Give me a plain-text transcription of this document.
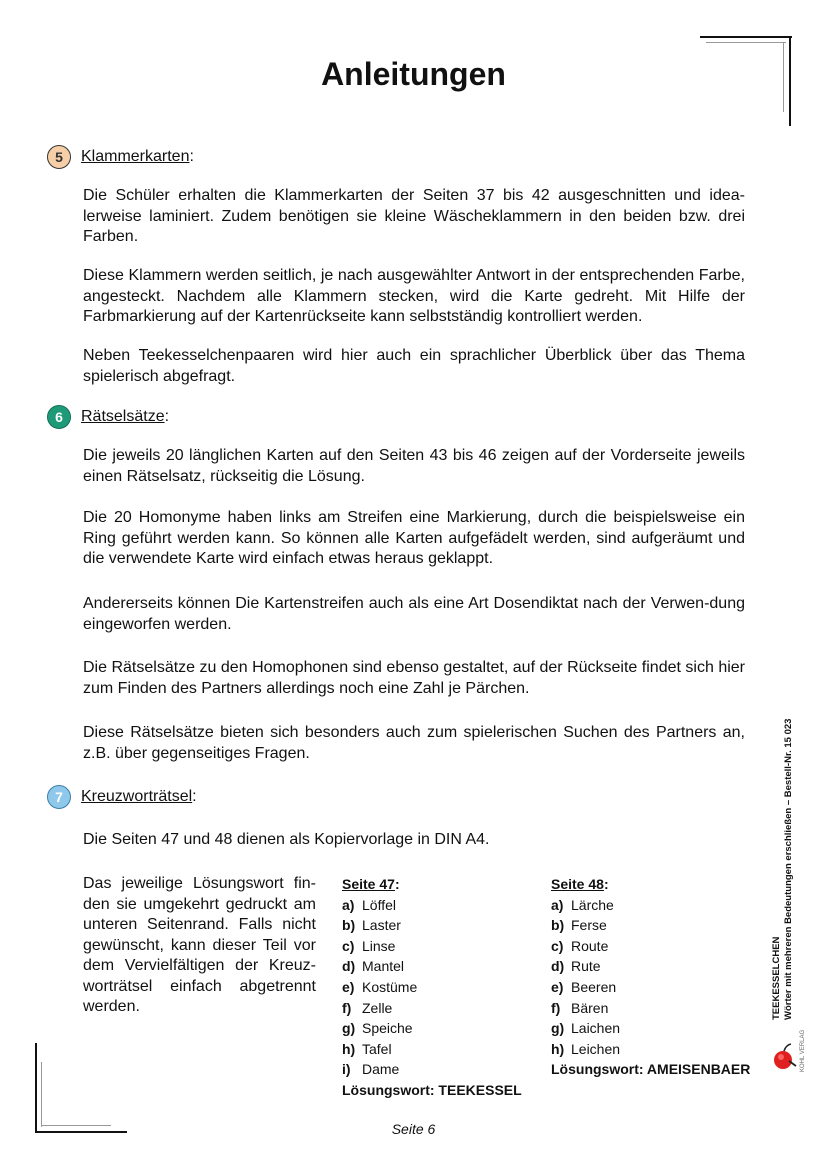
Anleitungen
5	Klammerkarten:

Die Schüler erhalten die Klammerkarten der Seiten 37 bis 42 ausgeschnitten und idea-lerweise laminiert. Zudem benötigen sie kleine Wäscheklammern in den beiden bzw. drei Farben.

Diese Klammern werden seitlich, je nach ausgewählter Antwort in der entsprechenden Farbe, angesteckt. Nachdem alle Klammern stecken, wird die Karte gedreht. Mit Hilfe der Farbmarkierung auf der Kartenrückseite kann selbstständig kontrolliert werden.

Neben Teekesselchenpaaren wird hier auch ein sprachlicher Überblick über das Thema spielerisch abgefragt.

6	Rätselsätze:

Die jeweils 20 länglichen Karten auf den Seiten 43 bis 46 zeigen auf der Vorderseite jeweils einen Rätselsatz, rückseitig die Lösung.

Die 20 Homonyme haben links am Streifen eine Markierung, durch die beispielsweise ein Ring geführt werden kann. So können alle Karten aufgefädelt werden, sind aufgeräumt und die verwendete Karte wird einfach etwas heraus geklappt.

Andererseits können Die Kartenstreifen auch als eine Art Dosendiktat nach der Verwen-dung eingeworfen werden.

Die Rätselsätze zu den Homophonen sind ebenso gestaltet, auf der Rückseite findet sich hier zum Finden des Partners allerdings noch eine Zahl je Pärchen.

Diese Rätselsätze bieten sich besonders auch zum spielerischen Suchen des Partners an, z.B. über gegenseitiges Fragen.

7	Kreuzworträtsel:

Die Seiten 47 und 48 dienen als Kopiervorlage in DIN A4.

Das jeweilige Lösungswort fin-den sie umgekehrt gedruckt am unteren Seitenrand. Falls nicht gewünscht, kann dieser Teil vor dem Vervielfältigen der Kreuz-worträtsel einfach abgetrennt werden.

Seite 47:
a) Löffel
b) Laster
c) Linse
d) Mantel
e) Kostüme
f) Zelle
g) Speiche
h) Tafel
i) Dame
Lösungswort: TEEKESSEL
Seite 48:
a) Lärche
b) Ferse
c) Route
d) Rute
e) Beeren
f) Bären
g) Laichen
h) Leichen
Lösungswort: AMEISENBAER
TEEKESSELCHEN Wörter mit mehreren Bedeutungen erschließen – Bestell-Nr. 15 023
KOHL VERLAG
Seite 6
